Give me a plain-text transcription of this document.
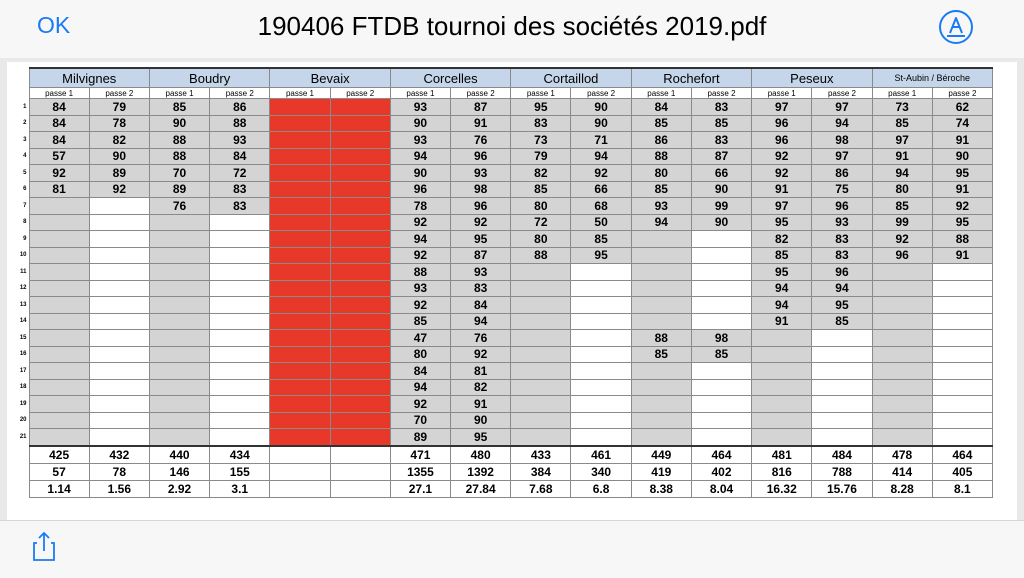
OK	190406 FTDB tournoi des sociétés 2019.pdf
	Milvignes		Boudry		Bevaix		Corcelles		Cortaillod		Rochefort		Peseux		St-Aubin / Béroche	
	passe 1	passe 2	passe 1	passe 2	passe 1	passe 2	passe 1	passe 2	passe 1	passe 2	passe 1	passe 2	passe 1	passe 2	passe 1	passe 2
1	84	79	85	86			93	87	95	90	84	83	97	97	73	62
2	84	78	90	88			90	91	83	90	85	85	96	94	85	74
3	84	82	88	93			93	76	73	71	86	83	96	98	97	91
4	57	90	88	84			94	96	79	94	88	87	92	97	91	90
5	92	89	70	72			90	93	82	92	80	66	92	86	94	95
6	81	92	89	83			96	98	85	66	85	90	91	75	80	91
7			76	83			78	96	80	68	93	99	97	96	85	92
8							92	92	72	50	94	90	95	93	99	95
9							94	95	80	85			82	83	92	88
10							92	87	88	95			85	83	96	91
11							88	93					95	96		
12							93	83					94	94		
13							92	84					94	95		
14							85	94					91	85		
15							47	76			88	98				
16							80	92			85	85				
17							84	81								
18							94	82								
19							92	91								
20							70	90								
21							89	95								
	425	432	440	434			471	480	433	461	449	464	481	484	478	464
	57	78	146	155			1355	1392	384	340	419	402	816	788	414	405
	1.14	1.56	2.92	3.1			27.1	27.84	7.68	6.8	8.38	8.04	16.32	15.76	8.28	8.1
